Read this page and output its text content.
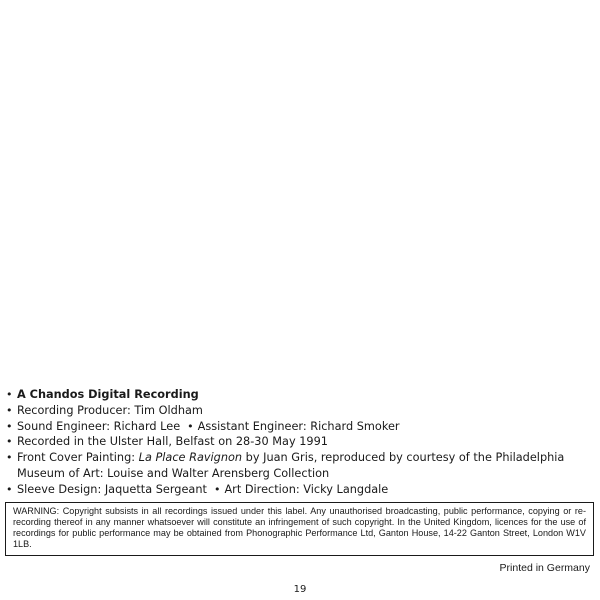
• A Chandos Digital Recording
• Recording Producer: Tim Oldham
• Sound Engineer: Richard Lee • Assistant Engineer: Richard Smoker
• Recorded in the Ulster Hall, Belfast on 28-30 May 1991
• Front Cover Painting: La Place Ravignon by Juan Gris, reproduced by courtesy of the Philadelphia Museum of Art: Louise and Walter Arensberg Collection
• Sleeve Design: Jaquetta Sergeant • Art Direction: Vicky Langdale
WARNING: Copyright subsists in all recordings issued under this label. Any unauthorised broadcasting, public performance, copying or re-recording thereof in any manner whatsoever will constitute an infringement of such copyright. In the United Kingdom, licences for the use of recordings for public performance may be obtained from Phonographic Performance Ltd, Ganton House, 14-22 Ganton Street, London W1V 1LB.
Printed in Germany
19
